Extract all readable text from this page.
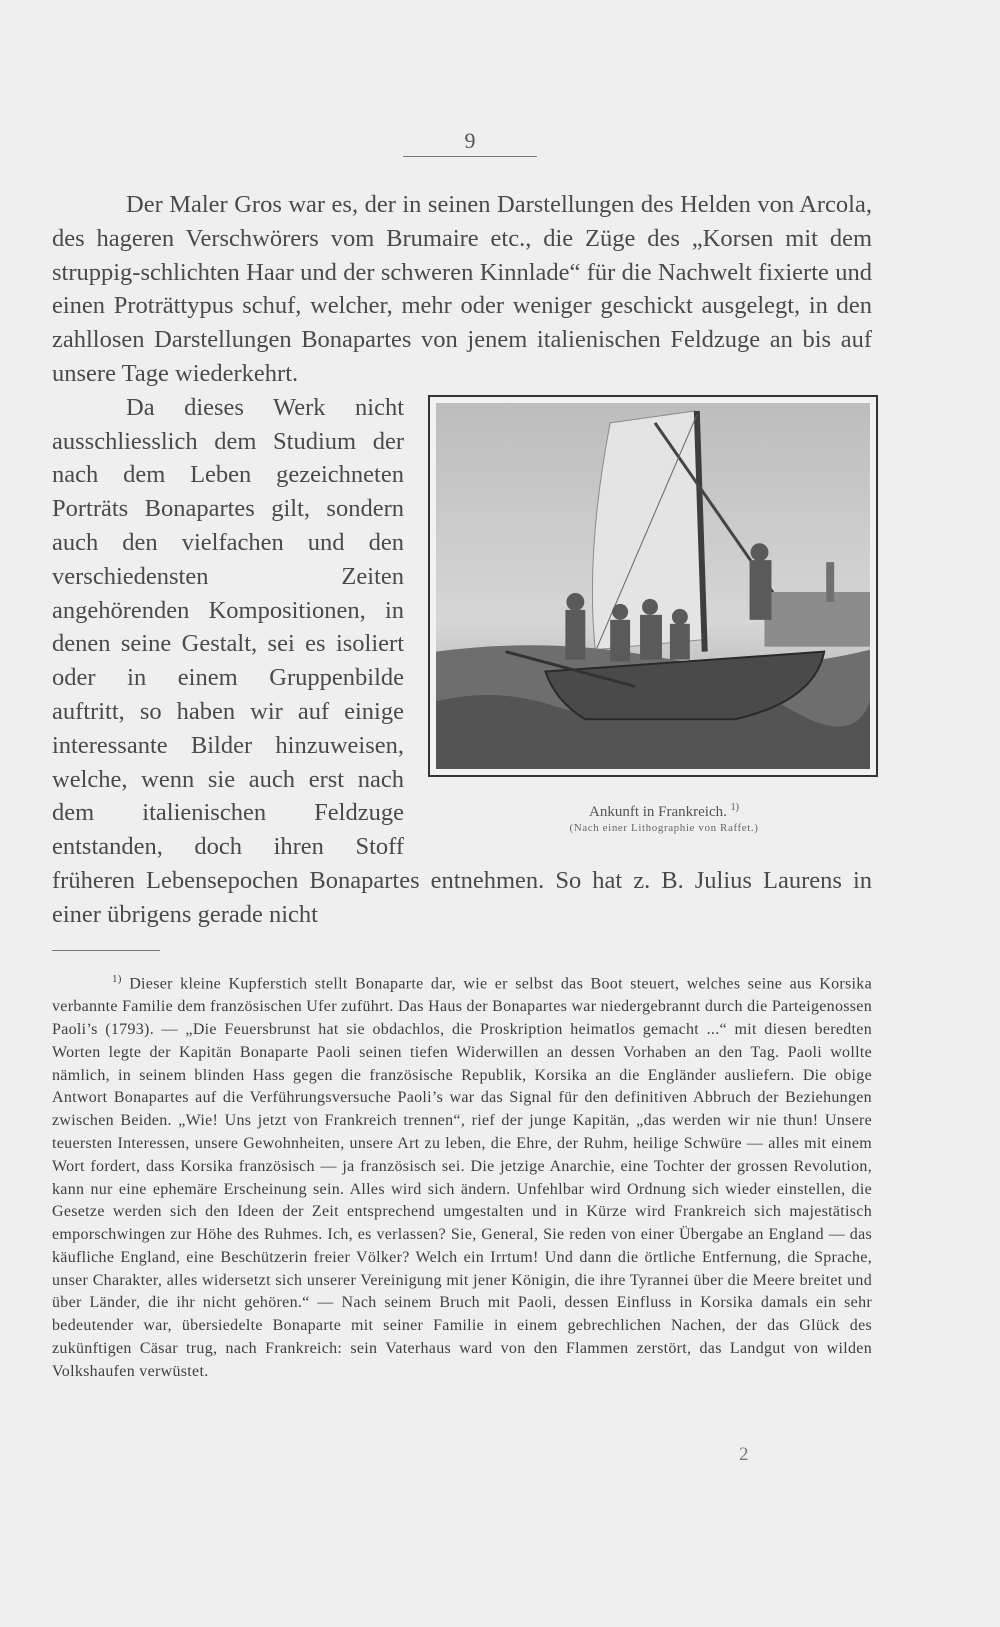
9

Der Maler Gros war es, der in seinen Darstellungen des Helden von Arcola, des hageren Verschwörers vom Brumaire etc., die Züge des „Korsen mit dem struppig-schlichten Haar und der schweren Kinnlade“ für die Nachwelt fixierte und einen Proträttypus schuf, welcher, mehr oder weniger geschickt ausgelegt, in den zahllosen Darstellungen Bonapartes von jenem italienischen Feldzuge an bis auf unsere Tage wiederkehrt.

Ankunft in Frankreich. $^{1)}$
(Nach einer Lithographie von Raffet.)

Da dieses Werk nicht ausschliesslich dem Studium der nach dem Leben gezeichneten Porträts Bonapartes gilt, sondern auch den vielfachen und den verschiedensten Zeiten angehörenden Kompositionen, in denen seine Gestalt, sei es isoliert oder in einem Gruppenbilde auftritt, so haben wir auf einige interessante Bilder hinzuweisen, welche, wenn sie auch erst nach dem italienischen Feldzuge entstanden, doch ihren Stoff früheren Lebensepochen Bonapartes entnehmen. So hat z. B. Julius Laurens in einer übrigens gerade nicht

$^{1)}$ Dieser kleine Kupferstich stellt Bonaparte dar, wie er selbst das Boot steuert, welches seine aus Korsika verbannte Familie dem französischen Ufer zuführt. Das Haus der Bonapartes war niedergebrannt durch die Parteigenossen Paoli’s (1793). — „Die Feuersbrunst hat sie obdachlos, die Proskription heimatlos gemacht ...“ mit diesen beredten Worten legte der Kapitän Bonaparte Paoli seinen tiefen Widerwillen an dessen Vorhaben an den Tag. Paoli wollte nämlich, in seinem blinden Hass gegen die französische Republik, Korsika an die Engländer ausliefern. Die obige Antwort Bonapartes auf die Verführungsversuche Paoli’s war das Signal für den definitiven Abbruch der Beziehungen zwischen Beiden. „Wie! Uns jetzt von Frankreich trennen“, rief der junge Kapitän, „das werden wir nie thun! Unsere teuersten Interessen, unsere Gewohnheiten, unsere Art zu leben, die Ehre, der Ruhm, heilige Schwüre — alles mit einem Wort fordert, dass Korsika französisch — ja französisch sei. Die jetzige Anarchie, eine Tochter der grossen Revolution, kann nur eine ephemäre Erscheinung sein. Alles wird sich ändern. Unfehlbar wird Ordnung sich wieder einstellen, die Gesetze werden sich den Ideen der Zeit entsprechend umgestalten und in Kürze wird Frankreich sich majestätisch emporschwingen zur Höhe des Ruhmes. Ich, es verlassen? Sie, General, Sie reden von einer Übergabe an England — das käufliche England, eine Beschützerin freier Völker? Welch ein Irrtum! Und dann die örtliche Entfernung, die Sprache, unser Charakter, alles widersetzt sich unserer Vereinigung mit jener Königin, die ihre Tyrannei über die Meere breitet und über Länder, die ihr nicht gehören.“ — Nach seinem Bruch mit Paoli, dessen Einfluss in Korsika damals ein sehr bedeutender war, übersiedelte Bonaparte mit seiner Familie in einem gebrechlichen Nachen, der das Glück des zukünftigen Cäsar trug, nach Frankreich: sein Vaterhaus ward von den Flammen zerstört, das Landgut von wilden Volkshaufen verwüstet.

2
